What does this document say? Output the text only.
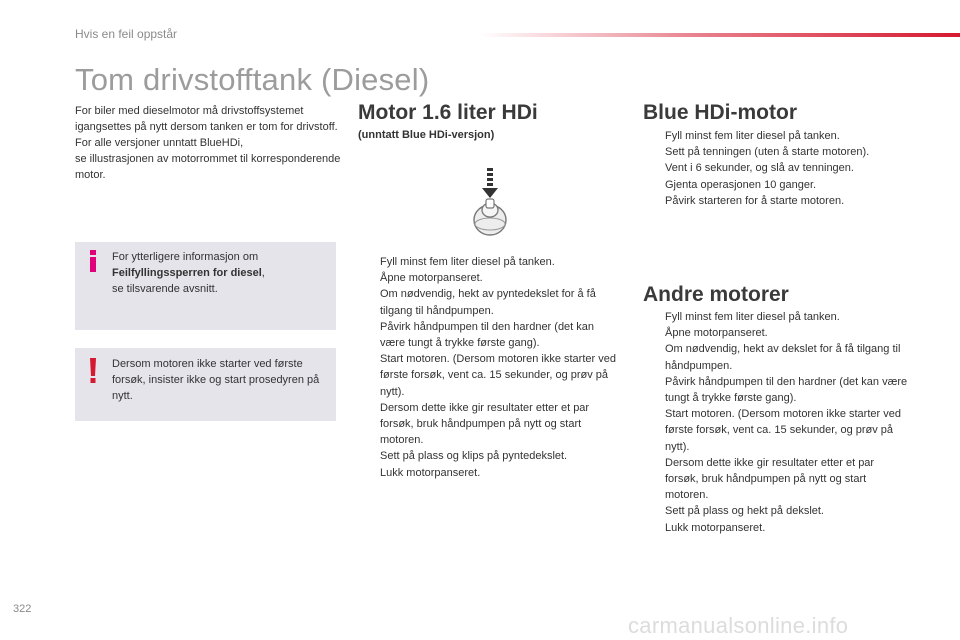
Hvis en feil oppstår
Tom drivstofftank (Diesel)

For biler med dieselmotor må drivstoffsystemet igangsettes på nytt dersom tanken er tom for drivstoff.

For alle versjoner unntatt BlueHDi,
se illustrasjonen av motorrommet til korresponderende motor.

For ytterligere informasjon om
Feilfyllingssperren for diesel,
se tilsvarende avsnitt.
Dersom motoren ikke starter ved første forsøk, insister ikke og start prosedyren på nytt.
Motor 1.6 liter HDi
(unntatt Blue HDi-versjon)
Fyll minst fem liter diesel på tanken.
Åpne motorpanseret.
Om nødvendig, hekt av pyntedekslet for å få tilgang til håndpumpen.
Påvirk håndpumpen til den hardner (det kan være tungt å trykke første gang).
Start motoren. (Dersom motoren ikke starter ved første forsøk, vent ca. 15 sekunder, og prøv på nytt).
Dersom dette ikke gir resultater etter et par forsøk, bruk håndpumpen på nytt og start motoren.
Sett på plass og klips på pyntedekslet.
Lukk motorpanseret.
Blue HDi-motor
Fyll minst fem liter diesel på tanken.
Sett på tenningen (uten å starte motoren).
Vent i 6 sekunder, og slå av tenningen.
Gjenta operasjonen 10 ganger.
Påvirk starteren for å starte motoren.
Andre motorer
Fyll minst fem liter diesel på tanken.
Åpne motorpanseret.
Om nødvendig, hekt av dekslet for å få tilgang til håndpumpen.
Påvirk håndpumpen til den hardner (det kan være tungt å trykke første gang).
Start motoren. (Dersom motoren ikke starter ved første forsøk, vent ca. 15 sekunder, og prøv på nytt).
Dersom dette ikke gir resultater etter et par forsøk, bruk håndpumpen på nytt og start motoren.
Sett på plass og hekt på dekslet.
Lukk motorpanseret.
322
carmanualsonline.info
